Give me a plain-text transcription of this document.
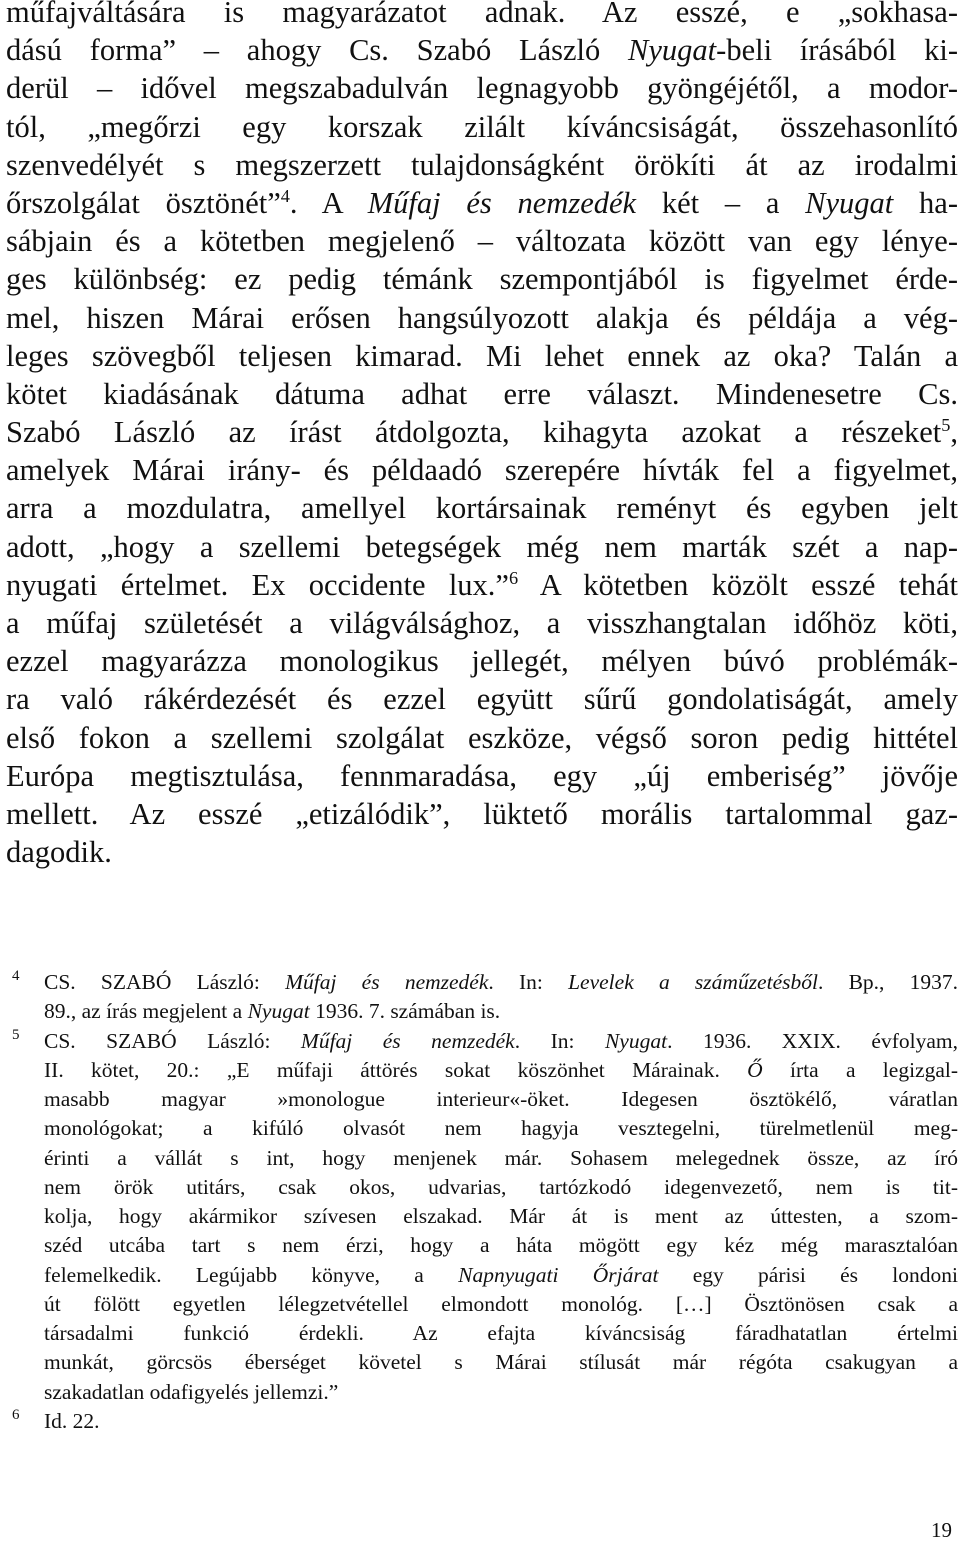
műfajváltására is magyarázatot adnak. Az esszé, e „sokhasa-
dású forma” – ahogy Cs. Szabó László Nyugat-beli írásából ki-
derül – idővel megszabadulván legnagyobb gyöngéjétől, a modor-
tól, „megőrzi egy korszak zilált kíváncsiságát, összehasonlító
szenvedélyét s megszerzett tulajdonságként örökíti át az irodalmi
őrszolgálat ösztönét”$^4$. A Műfaj és nemzedék két – a Nyugat ha-
sábjain és a kötetben megjelenő – változata között van egy lénye-
ges különbség: ez pedig témánk szempontjából is figyelmet érde-
mel, hiszen Márai erősen hangsúlyozott alakja és példája a vég-
leges szövegből teljesen kimarad. Mi lehet ennek az oka? Talán a
kötet kiadásának dátuma adhat erre választ. Mindenesetre Cs.
Szabó László az írást átdolgozta, kihagyta azokat a részeket$^5$,
amelyek Márai irány- és példaadó szerepére hívták fel a figyelmet,
arra a mozdulatra, amellyel kortársainak reményt és egyben jelt
adott, „hogy a szellemi betegségek még nem marták szét a nap-
nyugati értelmet. Ex occidente lux.”$^6$ A kötetben közölt esszé tehát
a műfaj születését a világválsághoz, a visszhangtalan időhöz köti,
ezzel magyarázza monologikus jellegét, mélyen búvó problémák-
ra való rákérdezését és ezzel együtt sűrű gondolatiságát, amely
első fokon a szellemi szolgálat eszköze, végső soron pedig hittétel
Európa megtisztulása, fennmaradása, egy „új emberiség” jövője
mellett. Az esszé „etizálódik”, lüktető morális tartalommal gaz-
dagodik.
4 CS. SZABÓ László: Műfaj és nemzedék. In: Levelek a száműzetésből. Bp., 1937.
89., az írás megjelent a Nyugat 1936. 7. számában is.
5 CS. SZABÓ László: Műfaj és nemzedék. In: Nyugat. 1936. XXIX. évfolyam,
II. kötet, 20.: „E műfaji áttörés sokat köszönhet Márainak. Ő írta a legizgal-
masabb magyar »monologue interieur«-öket. Idegesen ösztökélő, váratlan
monológokat; a kifúló olvasót nem hagyja vesztegelni, türelmetlenül meg-
érinti a vállát s int, hogy menjenek már. Sohasem melegednek össze, az író
nem örök utitárs, csak okos, udvarias, tartózkodó idegenvezető, nem is tit-
kolja, hogy akármikor szívesen elszakad. Már át is ment az úttesten, a szom-
széd utcába tart s nem érzi, hogy a háta mögött egy kéz még marasztalóan
felemelkedik. Legújabb könyve, a Napnyugati Őrjárat egy párisi és londoni
út fölött egyetlen lélegzetvétellel elmondott monológ. […] Ösztönösen csak a
társadalmi funkció érdekli. Az efajta kíváncsiság fáradhatatlan értelmi
munkát, görcsös éberséget követel s Márai stílusát már régóta csakugyan a
szakadatlan odafigyelés jellemzi.”
6 Id. 22.
19
